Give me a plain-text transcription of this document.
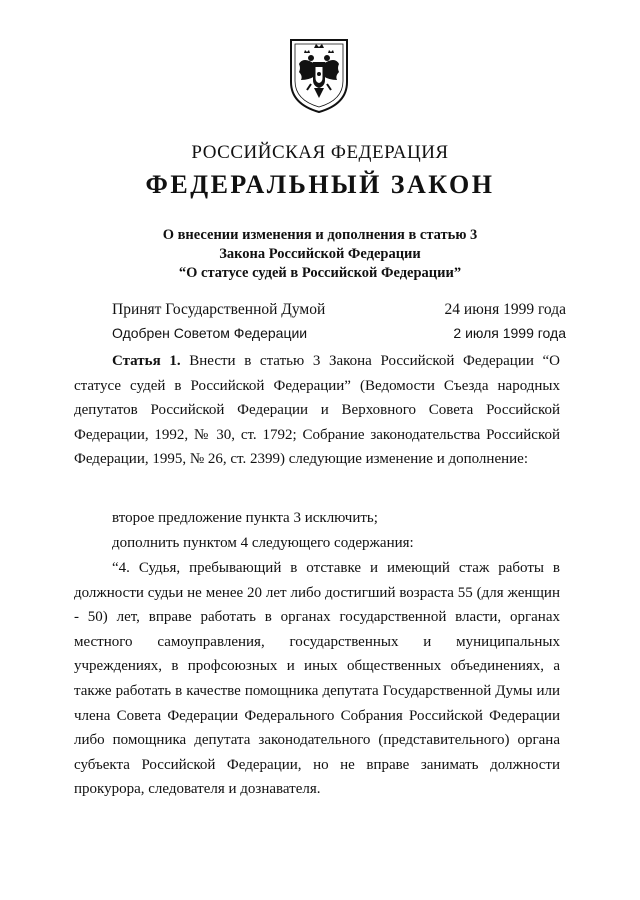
РОССИЙСКАЯ ФЕДЕРАЦИЯ
ФЕДЕРАЛЬНЫЙ ЗАКОН
О внесении изменения и дополнения в статью 3
Закона Российской Федерации
“О статусе судей в Российской Федерации”
Принят Государственной Думой	24 июня 1999 года
Одобрен Советом Федерации	2 июля 1999 года

Статья 1. Внести в статью 3 Закона Российской Федерации “О статусе судей в Российской Федерации” (Ведомости Съезда народных депутатов Российской Федерации и Верховного Совета Российской Федерации, 1992, № 30, ст. 1792; Собрание законодательства Российской Федерации, 1995, № 26, ст. 2399) следующие изменение и дополнение:

второе предложение пункта 3 исключить;

дополнить пунктом 4 следующего содержания:

“4. Судья, пребывающий в отставке и имеющий стаж работы в должности судьи не менее 20 лет либо достигший возраста 55 (для женщин - 50) лет, вправе работать в органах государственной власти, органах местного самоуправления, государственных и муниципальных учреждениях, в профсоюзных и иных общественных объединениях, а также работать в качестве помощника депутата Государственной Думы или члена Совета Федерации Федерального Собрания Российской Федерации либо помощника депутата законодательного (представительного) органа субъекта Российской Федерации, но не вправе занимать должности прокурора, следователя и дознавателя.
